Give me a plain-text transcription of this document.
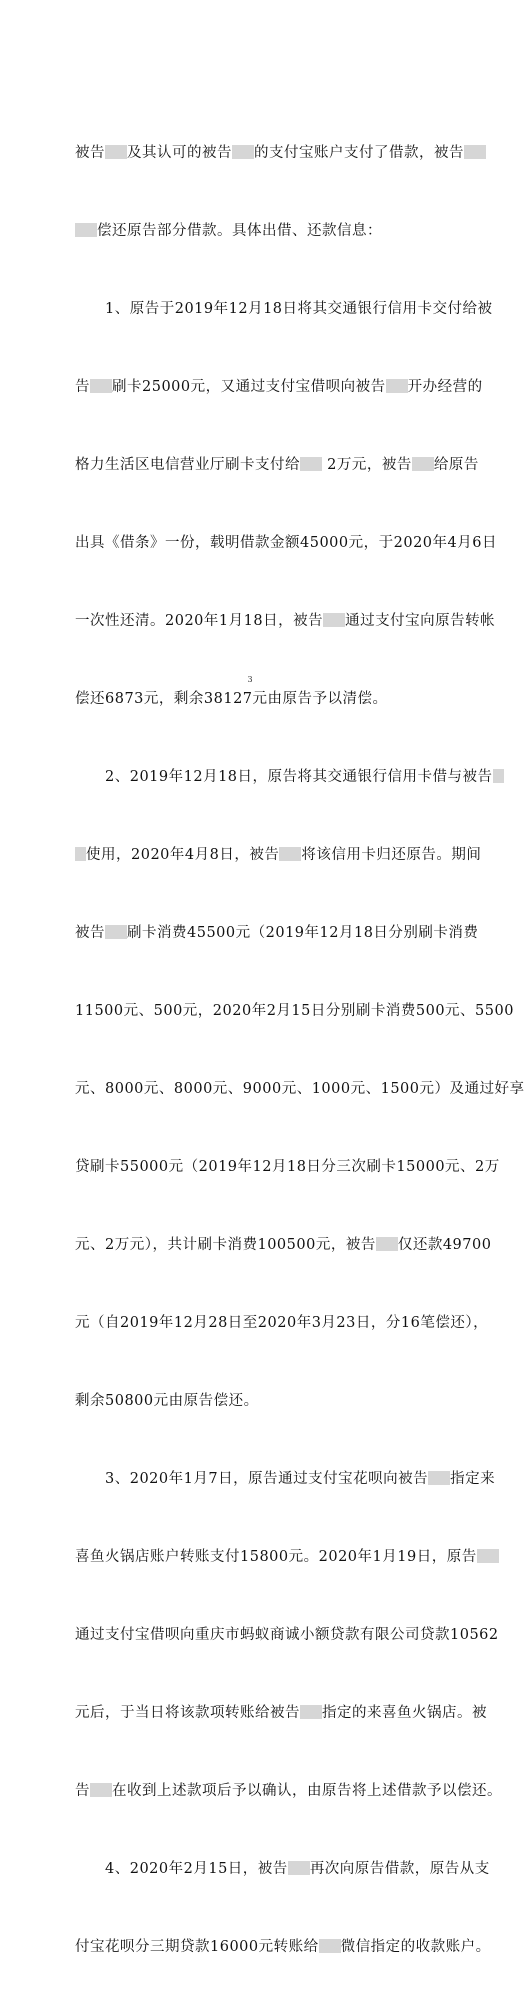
被告 及其认可的被告 的支付宝账户支付了借款，被告

偿还原告部分借款。具体出借、还款信息：

　　1、原告于2019年12月18日将其交通银行信用卡交付给被

告 刷卡25000元，又通过支付宝借呗向被告 开办经营的

格力生活区电信营业厅刷卡支付给 2万元，被告 给原告

出具《借条》一份，载明借款金额45000元，于2020年4月6日

一次性还清。2020年1月18日，被告 通过支付宝向原告转帐

偿还6873元，剩余38127元由原告予以清偿。

　　2、2019年12月18日，原告将其交通银行信用卡借与被告

使用，2020年4月8日，被告 将该信用卡归还原告。期间

被告 刷卡消费45500元（2019年12月18日分别刷卡消费

11500元、500元，2020年2月15日分别刷卡消费500元、5500

元、8000元、8000元、9000元、1000元、1500元）及通过好享

贷刷卡55000元（2019年12月18日分三次刷卡15000元、2万

元、2万元），共计刷卡消费100500元，被告 仅还款49700

元（自2019年12月28日至2020年3月23日，分16笔偿还），

剩余50800元由原告偿还。

　　3、2020年1月7日，原告通过支付宝花呗向被告 指定来

喜鱼火锅店账户转账支付15800元。2020年1月19日，原告

通过支付宝借呗向重庆市蚂蚁商诚小额贷款有限公司贷款10562

元后，于当日将该款项转账给被告 指定的来喜鱼火锅店。被

告 在收到上述款项后予以确认，由原告将上述借款予以偿还。

　　4、2020年2月15日，被告 再次向原告借款，原告从支

付宝花呗分三期贷款16000元转账给 微信指定的收款账户。

3
